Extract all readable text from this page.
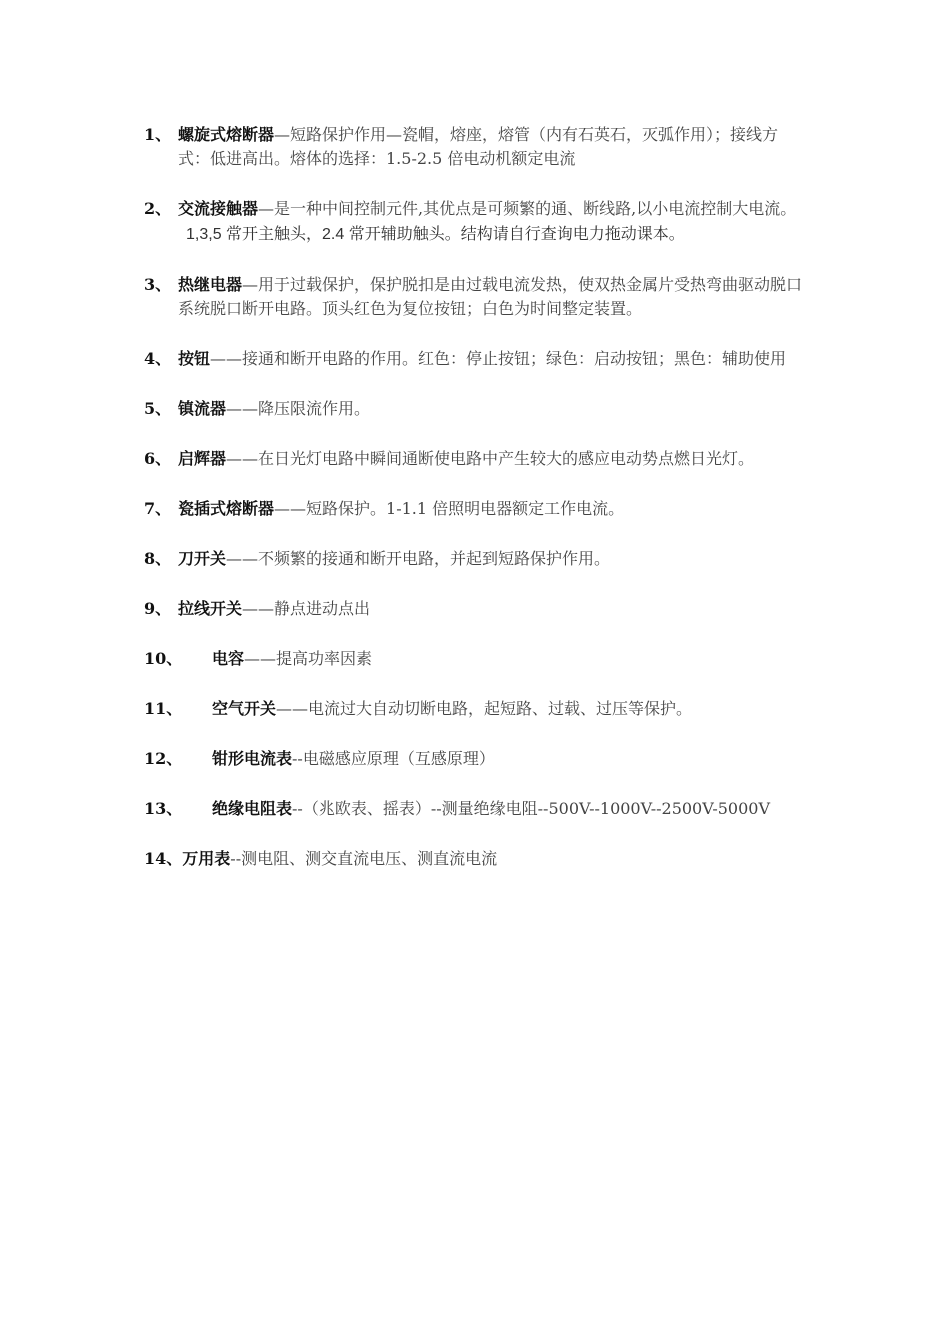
1、 螺旋式熔断器—短路保护作用—瓷帽，熔座，熔管（内有石英石，灭弧作用）；接线方式：低进高出。熔体的选择：1.5-2.5 倍电动机额定电流
2、 交流接触器—是一种中间控制元件,其优点是可频繁的通、断线路,以小电流控制大电流。
1,3,5 常开主触头，2.4 常开辅助触头。结构请自行查询电力拖动课本。
3、 热继电器—用于过载保护，保护脱扣是由过载电流发热，使双热金属片受热弯曲驱动脱口系统脱口断开电路。顶头红色为复位按钮；白色为时间整定装置。
4、 按钮——接通和断开电路的作用。红色：停止按钮；绿色：启动按钮；黑色：辅助使用
5、 镇流器——降压限流作用。
6、 启辉器——在日光灯电路中瞬间通断使电路中产生较大的感应电动势点燃日光灯。
7、 瓷插式熔断器——短路保护。1-1.1 倍照明电器额定工作电流。
8、 刀开关——不频繁的接通和断开电路，并起到短路保护作用。
9、 拉线开关——静点进动点出
10、	电容——提高功率因素
11、	空气开关——电流过大自动切断电路，起短路、过载、过压等保护。
12、	钳形电流表--电磁感应原理（互感原理）
13、	绝缘电阻表--（兆欧表、摇表）--测量绝缘电阻--500V--1000V--2500V-5000V
14、万用表--测电阻、测交直流电压、测直流电流
